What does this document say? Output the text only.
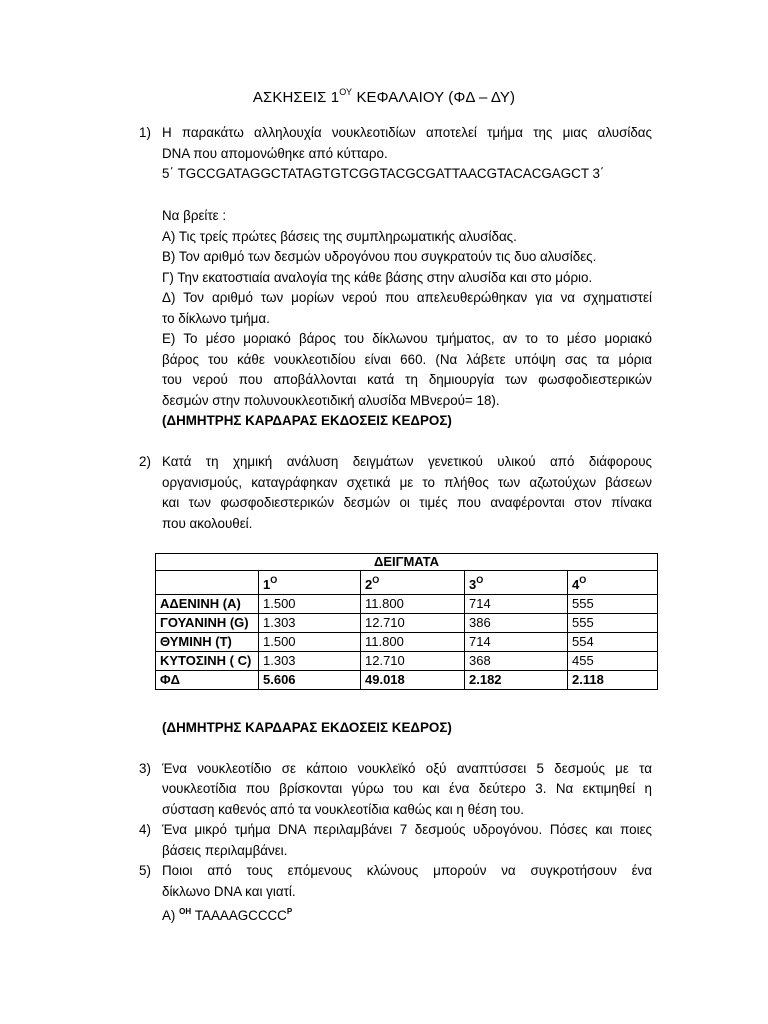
ΑΣΚΗΣΕΙΣ $1^{O\Upsilon}$ ΚΕΦΑΛΑΙΟΥ (ΦΔ – ΔΥ)
1) Η παρακάτω αλληλουχία νουκλεοτιδίων αποτελεί τμήμα της μιας αλυσίδας
DNA που απομονώθηκε από κύτταρο.
5΄ TGCCGATAGGCTATAGTGTCGGTACGCGATTAACGTACACGAGCT 3΄
Να βρείτε :
Α) Τις τρείς πρώτες βάσεις της συμπληρωματικής αλυσίδας.
Β) Τον αριθμό των δεσμών υδρογόνου που συγκρατούν τις δυο αλυσίδες.
Γ) Την εκατοστιαία αναλογία της κάθε βάσης στην αλυσίδα και στο μόριο.
Δ) Τον αριθμό των μορίων νερού που απελευθερώθηκαν για να σχηματιστεί
το δίκλωνο τμήμα.
Ε) Το μέσο μοριακό βάρος του δίκλωνου τμήματος, αν το το μέσο μοριακό
βάρος του κάθε νουκλεοτιδίου είναι 660. (Να λάβετε υπόψη σας τα μόρια
του νερού που αποβάλλονται κατά τη δημιουργία των φωσφοδιεστερικών
δεσμών στην πολυνουκλεοτιδική αλυσίδα ΜΒνερού= 18).
(ΔΗΜΗΤΡΗΣ ΚΑΡΔΑΡΑΣ ΕΚΔΟΣΕΙΣ ΚΕΔΡΟΣ)
2) Κατά τη χημική ανάλυση δειγμάτων γενετικού υλικού από διάφορους
οργανισμούς, καταγράφηκαν σχετικά με το πλήθος των αζωτούχων βάσεων
και των φωσφοδιεστερικών δεσμών οι τιμές που αναφέρονται στον πίνακα
που ακολουθεί.
ΔΕΙΓΜΑΤΑ				
	$1^O$	$2^O$	$3^O$	$4^O$
ΑΔΕΝΙΝΗ (Α)	1.500	11.800	714	555
ΓΟΥΑΝΙΝΗ (G)	1.303	12.710	386	555
ΘΥΜΙΝΗ (Τ)	1.500	11.800	714	554
ΚΥΤΟΣΙΝΗ ( C)	1.303	12.710	368	455
ΦΔ	5.606	49.018	2.182	2.118
(ΔΗΜΗΤΡΗΣ ΚΑΡΔΑΡΑΣ ΕΚΔΟΣΕΙΣ ΚΕΔΡΟΣ)
3) Ένα νουκλεοτίδιο σε κάποιο νουκλεϊκό οξύ αναπτύσσει 5 δεσμούς με τα
νουκλεοτίδια που βρίσκονται γύρω του και ένα δεύτερο 3. Να εκτιμηθεί η
σύσταση καθενός από τα νουκλεοτίδια καθώς και η θέση του.
4) Ένα μικρό τμήμα DNA περιλαμβάνει 7 δεσμούς υδρογόνου. Πόσες και ποιες
βάσεις περιλαμβάνει.
5) Ποιοι από τους επόμενους κλώνους μπορούν να συγκροτήσουν ένα
δίκλωνο DNA και γιατί.
Α) $^{OH}$ $TAAAAGCCCC^P$
